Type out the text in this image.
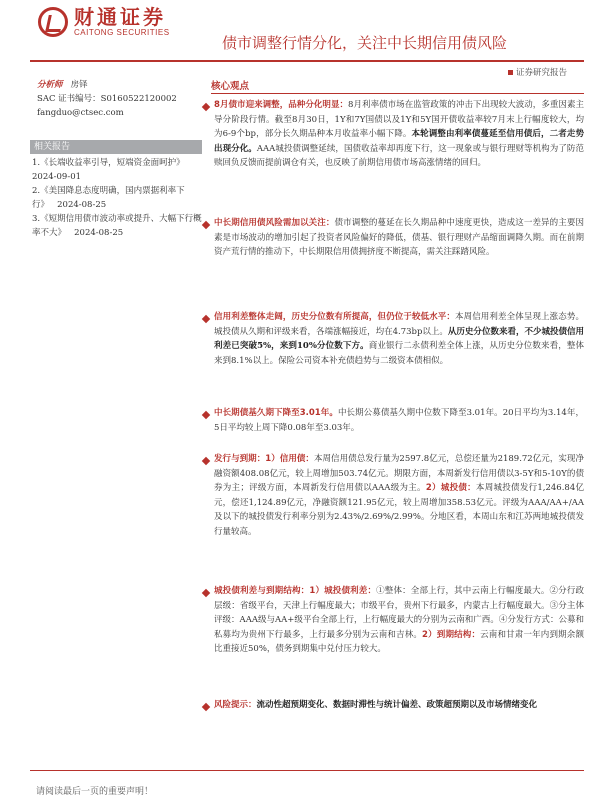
财通证券
CAITONG SECURITIES
债市调整行情分化，关注中长期信用债风险
证券研究报告
分析师 房铎
SAC 证书编号：S0160522120002
fangduo@ctsec.com
相关报告
1.《长端收益率引导，短端资金面呵护》
2024-09-01
2.《美国降息态度明确，国内票据利率下行》 2024-08-25
3.《短期信用债市波动率或提升、大幅下行概率不大》 2024-08-25
核心观点
8月债市迎来调整，品种分化明显：8月利率债市场在监管政策的冲击下出现较大波动，多重因素主导分阶段行情。截至8月30日，1Y和7Y国债以及1Y和5Y国开债收益率较7月末上行幅度较大，均为6-9个bp，部分长久期品种本月收益率小幅下降。本轮调整由利率债蔓延至信用债后，二者走势出现分化。AAA城投债调整延续，国债收益率却再度下行，这一现象或与银行理财等机构为了防范赎回负反馈而提前调仓有关，也反映了前期信用债市场高涨情绪的回归。
中长期信用债风险需加以关注：债市调整的蔓延在长久期品种中速度更快，造成这一差异的主要因素是市场波动的增加引起了投资者风险偏好的降低，债基、银行理财产品缩面调降久期。而在前期资产荒行情的推动下，中长期限信用债拥挤度不断提高，需关注踩踏风险。
信用利差整体走阔，历史分位数有所提高，但仍位于较低水平：本周信用利差全体呈现上涨态势。城投债从久期和评级来看，各端涨幅接近，均在4.73bp以上。从历史分位数来看，不少城投债信用利差已突破5%，来到10%分位数下方。商业银行二永债利差全体上涨，从历史分位数来看，整体来到8.1%以上。保险公司资本补充债趋势与二级资本债相似。
中长期债基久期下降至3.01年。中长期公募债基久期中位数下降至3.01年。20日平均为3.14年，5日平均较上周下降0.08年至3.03年。
发行与到期：1）信用债：本周信用债总发行量为2597.8亿元，总偿还量为2189.72亿元，实现净融资额408.08亿元，较上周增加503.74亿元。期限方面，本周新发行信用债以3-5Y和5-10Y的债券为主；评级方面，本周新发行信用债以AAA级为主。2）城投债：本周城投债发行1,246.84亿元，偿还1,124.89亿元，净融资额121.95亿元，较上周增加358.53亿元。评级为AAA/AA+/AA及以下的城投债发行利率分别为2.43%/2.69%/2.99%。分地区看，本周山东和江苏两地城投债发行量较高。
城投债利差与到期结构：1）城投债利差：①整体：全部上行，其中云南上行幅度最大。②分行政层级：省级平台，天津上行幅度最大；市级平台，贵州下行最多，内蒙古上行幅度最大。③分主体评级：AAA级与AA+级平台全部上行，上行幅度最大的分别为云南和广西。④分发行方式：公募和私募均为贵州下行最多，上行最多分别为云南和吉林。2）到期结构：云南和甘肃一年内到期余额比重接近50%，债务到期集中兑付压力较大。
风险提示：流动性超预期变化、数据时滞性与统计偏差、政策超预期以及市场情绪变化
请阅读最后一页的重要声明！
